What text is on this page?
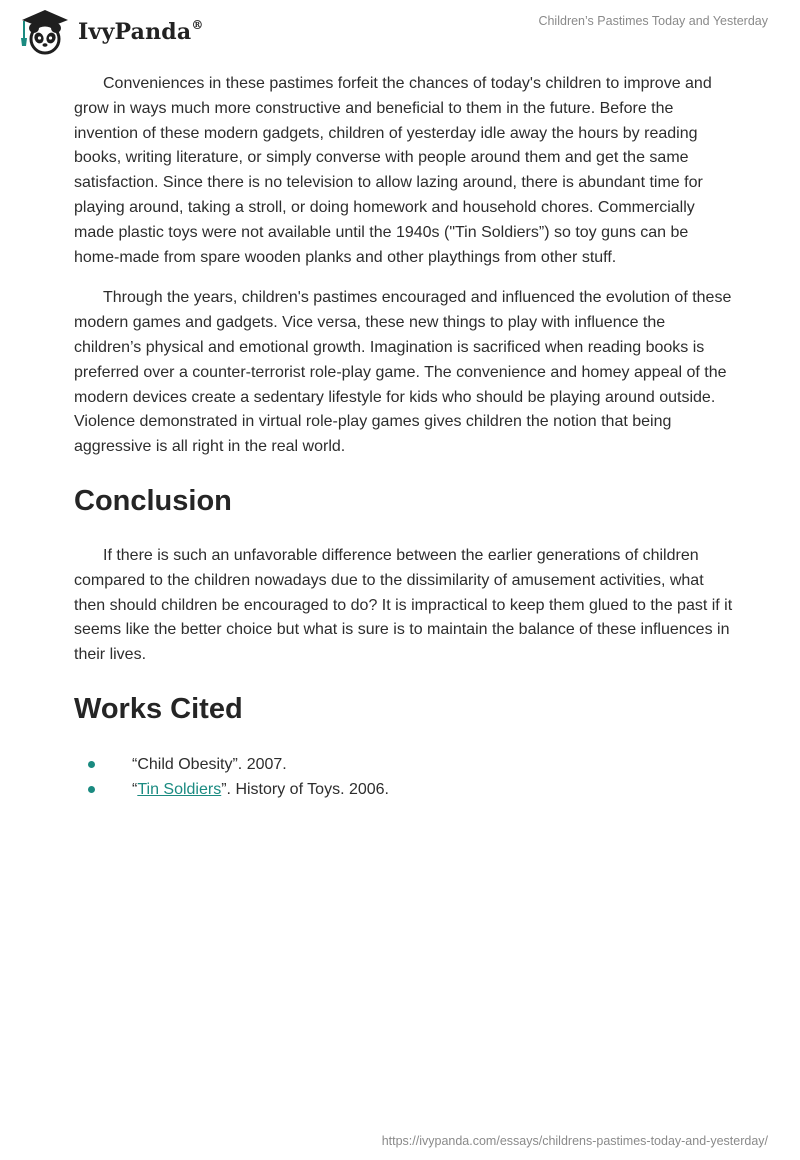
IvyPanda®	Children’s Pastimes Today and Yesterday

Conveniences in these pastimes forfeit the chances of today's children to improve and grow in ways much more constructive and beneficial to them in the future. Before the invention of these modern gadgets, children of yesterday idle away the hours by reading books, writing literature, or simply converse with people around them and get the same satisfaction. Since there is no television to allow lazing around, there is abundant time for playing around, taking a stroll, or doing homework and household chores. Commercially made plastic toys were not available until the 1940s ("Tin Soldiers”) so toy guns can be home-made from spare wooden planks and other playthings from other stuff.

Through the years, children's pastimes encouraged and influenced the evolution of these modern games and gadgets. Vice versa, these new things to play with influence the children’s physical and emotional growth. Imagination is sacrificed when reading books is preferred over a counter-terrorist role-play game. The convenience and homey appeal of the modern devices create a sedentary lifestyle for kids who should be playing around outside. Violence demonstrated in virtual role-play games gives children the notion that being aggressive is all right in the real world.

Conclusion

If there is such an unfavorable difference between the earlier generations of children compared to the children nowadays due to the dissimilarity of amusement activities, what then should children be encouraged to do? It is impractical to keep them glued to the past if it seems like the better choice but what is sure is to maintain the balance of these influences in their lives.

Works Cited
“Child Obesity”. 2007.
“Tin Soldiers”. History of Toys. 2006.
https://ivypanda.com/essays/childrens-pastimes-today-and-yesterday/
